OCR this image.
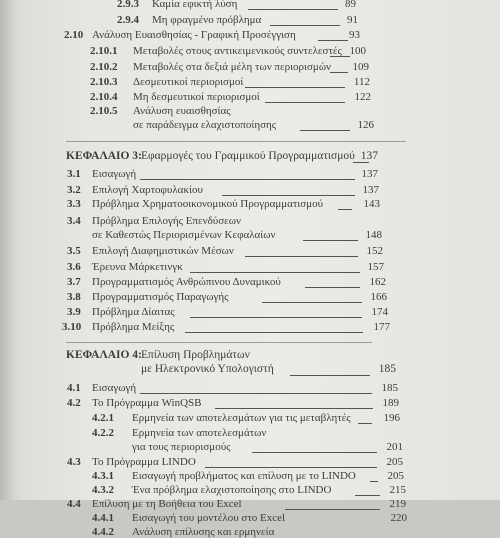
2.9.3 Καμία εφικτή λύση	89
2.9.4 Μη φραγμένο πρόβλημα	91
2.10 Ανάλυση Ευαισθησίας - Γραφική Προσέγγιση	93
2.10.1 Μεταβολές στους αντικειμενικούς συντελεστές 100
2.10.2 Μεταβολές στα δεξιά μέλη των περιορισμών	109
2.10.3 Δεσμευτικοί περιορισμοί	112
2.10.4 Μη δεσμευτικοί περιορισμοί	122
2.10.5 Ανάλυση ευαισθησίας
σε παράδειγμα ελαχιστοποίησης	126
ΚΕΦΑΛΑΙΟ 3: Εφαρμογές του Γραμμικού Προγραμματισμού 137
3.1 Εισαγωγή	137
3.2 Επιλογή Χαρτοφυλακίου	137
3.3 Πρόβλημα Χρηματοοικονομικού Προγραμματισμού	143
3.4 Πρόβλημα Επιλογής Επενδύσεων
σε Καθεστώς Περιορισμένων Κεφαλαίων	148
3.5 Επιλογή Διαφημιστικών Μέσων	152
3.6 Έρευνα Μάρκετινγκ	157
3.7 Προγραμματισμός Ανθρώπινου Δυναμικού	162
3.8 Προγραμματισμός Παραγωγής	166
3.9 Πρόβλημα Δίαιτας	174
3.10 Πρόβλημα Μείξης	177
ΚΕΦΑΛΑΙΟ 4: Επίλυση Προβλημάτων
με Ηλεκτρονικό Υπολογιστή	185
4.1 Εισαγωγή	185
4.2 Το Πρόγραμμα WinQSB	189
4.2.1 Ερμηνεία των αποτελεσμάτων για τις μεταβλητές	196
4.2.2 Ερμηνεία των αποτελεσμάτων
για τους περιορισμούς	201
4.3 Το Πρόγραμμα LINDO	205
4.3.1 Εισαγωγή προβλήματος και επίλυση με το LINDO	205
4.3.2 Ένα πρόβλημα ελαχιστοποίησης στο LINDO	215
4.4 Επίλυση με τη Βοήθεια του Excel	219
4.4.1 Εισαγωγή του μοντέλου στο Excel	220
4.4.2 Ανάλυση επίλυσης και ερμηνεία
